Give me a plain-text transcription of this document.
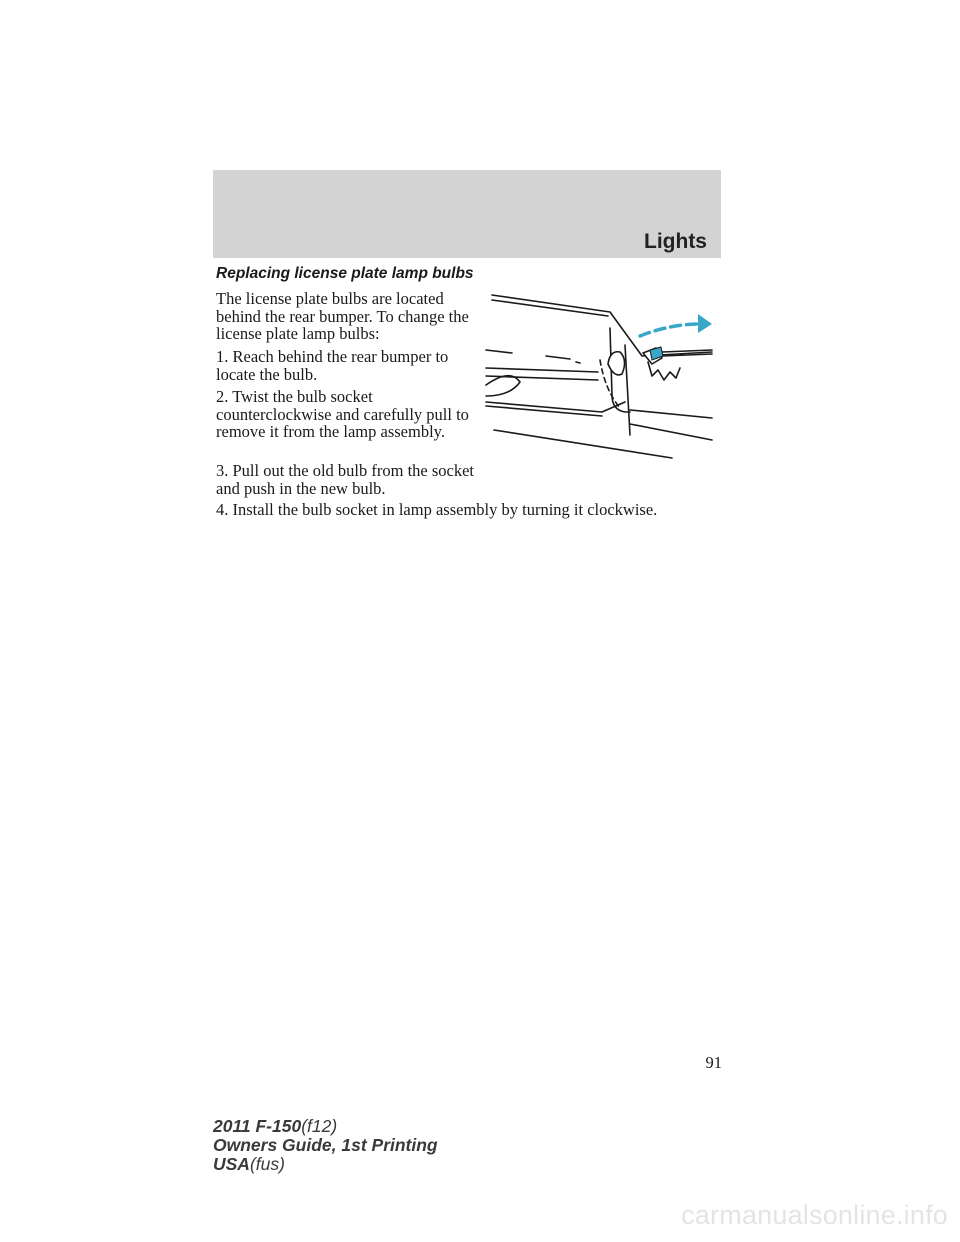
Lights
Replacing license plate lamp bulbs

The license plate bulbs are located behind the rear bumper. To change the license plate lamp bulbs:

1. Reach behind the rear bumper to locate the bulb.

2. Twist the bulb socket counterclockwise and carefully pull to remove it from the lamp assembly.

3. Pull out the old bulb from the socket and push in the new bulb.

4. Install the bulb socket in lamp assembly by turning it clockwise.

91
2011 F-150(f12)
Owners Guide, 1st Printing
USA(fus)
carmanualsonline.info
